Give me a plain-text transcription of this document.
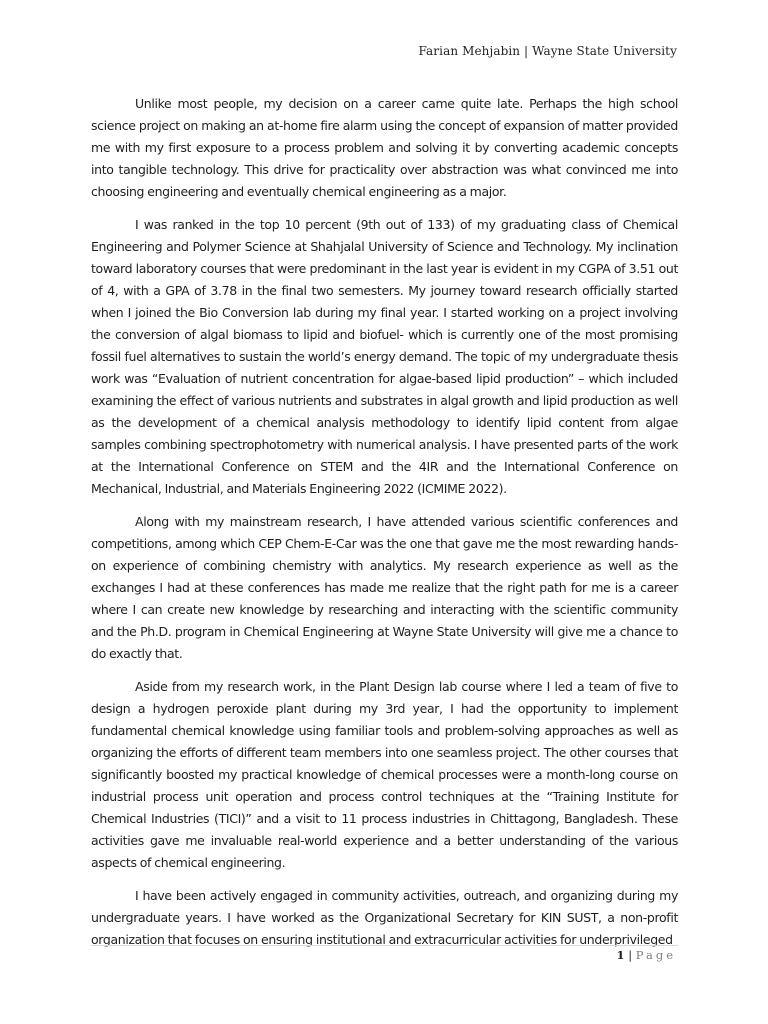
Farian Mehjabin | Wayne State University

Unlike most people, my decision on a career came quite late. Perhaps the high school science project on making an at-home fire alarm using the concept of expansion of matter provided me with my first exposure to a process problem and solving it by converting academic concepts into tangible technology. This drive for practicality over abstraction was what convinced me into choosing engineering and eventually chemical engineering as a major.

I was ranked in the top 10 percent (9th out of 133) of my graduating class of Chemical Engineering and Polymer Science at Shahjalal University of Science and Technology. My inclination toward laboratory courses that were predominant in the last year is evident in my CGPA of 3.51 out of 4, with a GPA of 3.78 in the final two semesters. My journey toward research officially started when I joined the Bio Conversion lab during my final year. I started working on a project involving the conversion of algal biomass to lipid and biofuel- which is currently one of the most promising fossil fuel alternatives to sustain the world’s energy demand. The topic of my undergraduate thesis work was “Evaluation of nutrient concentration for algae-based lipid production” – which included examining the effect of various nutrients and substrates in algal growth and lipid production as well as the development of a chemical analysis methodology to identify lipid content from algae samples combining spectrophotometry with numerical analysis. I have presented parts of the work at the International Conference on STEM and the 4IR and the International Conference on Mechanical, Industrial, and Materials Engineering 2022 (ICMIME 2022).

Along with my mainstream research, I have attended various scientific conferences and competitions, among which CEP Chem-E-Car was the one that gave me the most rewarding hands-on experience of combining chemistry with analytics. My research experience as well as the exchanges I had at these conferences has made me realize that the right path for me is a career where I can create new knowledge by researching and interacting with the scientific community and the Ph.D. program in Chemical Engineering at Wayne State University will give me a chance to do exactly that.

Aside from my research work, in the Plant Design lab course where I led a team of five to design a hydrogen peroxide plant during my 3rd year, I had the opportunity to implement fundamental chemical knowledge using familiar tools and problem-solving approaches as well as organizing the efforts of different team members into one seamless project. The other courses that significantly boosted my practical knowledge of chemical processes were a month-long course on industrial process unit operation and process control techniques at the “Training Institute for Chemical Industries (TICI)” and a visit to 11 process industries in Chittagong, Bangladesh. These activities gave me invaluable real-world experience and a better understanding of the various aspects of chemical engineering.

I have been actively engaged in community activities, outreach, and organizing during my undergraduate years. I have worked as the Organizational Secretary for KIN SUST, a non-profit organization that focuses on ensuring institutional and extracurricular activities for underprivileged

1 | Page
